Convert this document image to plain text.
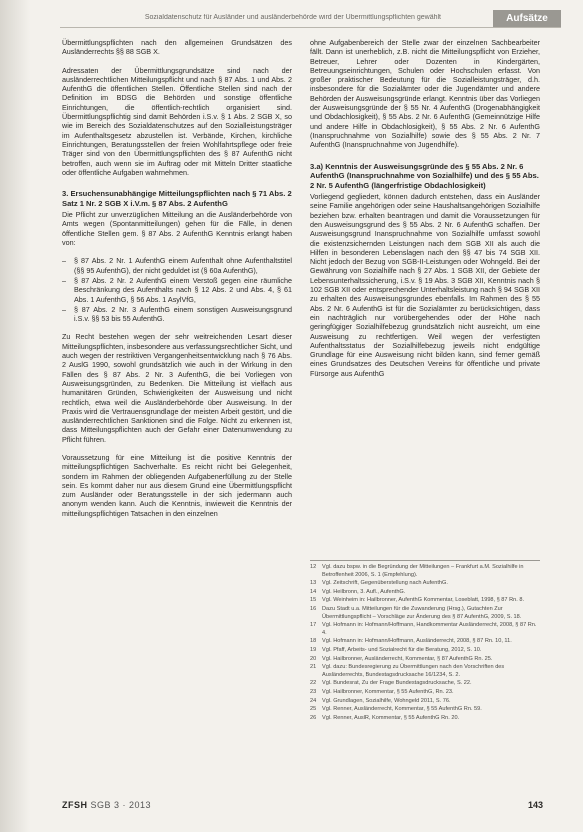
Sozialdatenschutz für Ausländer und ausländerbehörde wird der Übermittlungspflichten gewählt	Aufsätze

Übermittlungspflichten nach den allgemeinen Grundsätzen des Ausländerrechts §§ 88 SGB X.

Adressaten der Übermittlungsgrundsätze sind nach der ausländerrechtlichen Mitteilungspflicht und nach § 87 Abs. 1 und Abs. 2 AufenthG die öffentlichen Stellen. Öffentliche Stellen sind nach der Definition im BDSG die Behörden und sonstige öffentliche Einrichtungen, die öffentlich-rechtlich organisiert sind. Übermittlungspflichtig sind damit Behörden i.S.v. § 1 Abs. 2 SGB X, so wie im Bereich des Sozialdatenschutzes auf den Sozialleistungsträger im Aufenthaltsgesetz abzustellen ist. Verbände, Kirchen, kirchliche Einrichtungen, Beratungsstellen der freien Wohlfahrtspflege oder freie Träger sind von den Übermittlungspflichten des § 87 AufenthG nicht betroffen, auch wenn sie im Auftrag oder mit Mitteln Dritter staatliche oder öffentliche Aufgaben wahrnehmen.

3. Ersuchensunabhängige Mitteilungspflichten nach § 71 Abs. 2 Satz 1 Nr. 2 SGB X i.V.m. § 87 Abs. 2 AufenthG

Die Pflicht zur unverzüglichen Mitteilung an die Ausländerbehörde von Amts wegen (Spontanmitteilungen) gehen für die Fälle, in denen öffentliche Stellen gem. § 87 Abs. 2 AufenthG Kenntnis erlangt haben von:

– § 87 Abs. 2 Nr. 1 AufenthG einem Aufenthalt ohne Aufenthaltstitel (§§ 95 AufenthG), der nicht geduldet ist (§ 60a AufenthG),
– § 87 Abs. 2 Nr. 2 AufenthG einem Verstoß gegen eine räumliche Beschränkung des Aufenthalts nach § 12 Abs. 2 und Abs. 4, § 61 Abs. 1 AufenthG, § 56 Abs. 1 AsylVfG,
– § 87 Abs. 2 Nr. 3 AufenthG einem sonstigen Ausweisungsgrund i.S.v. §§ 53 bis 55 AufenthG.

Zu Recht bestehen wegen der sehr weitreichenden Lesart dieser Mitteilungspflichten, insbesondere aus verfassungsrechtlicher Sicht, und auch wegen der restriktiven Vergangenheitsentwicklung nach § 76 Abs. 2 AuslG 1990, sowohl grundsätzlich wie auch in der Wirkung in den Fällen des § 87 Abs. 2 Nr. 3 AufenthG, die bei Vorliegen von Ausweisungsgründen, zu Bedenken. Die Mitteilung ist vielfach aus humanitären Gründen, Schwierigkeiten der Ausweisung und nicht rechtlich, etwa weil die Ausländerbehörde über Ausweisung. In der Praxis wird die Vertrauensgrundlage der meisten Arbeit gestört, und die ausländerrechtlichen Sanktionen sind die Folge. Nicht zu erkennen ist, dass Mitteilungspflichten auch der Gefahr einer Datenumwendung zu Pflicht führen.

Voraussetzung für eine Mitteilung ist die positive Kenntnis der mitteilungspflichtigen Sachverhalte. Es reicht nicht bei Gelegenheit, sondern im Rahmen der obliegenden Aufgabenerfüllung zu der Stelle sein. Es kommt daher nur aus diesem Grund eine Übermittlungspflicht zum Ausländer oder Beratungsstelle in der sich jedermann auch anonym wenden kann. Auch die Kenntnis, inwieweit die Kenntnis der mitteilungspflichtigen Tatsachen in den einzelnen

ohne Aufgabenbereich der Stelle zwar der einzelnen Sachbearbeiter fällt. Dann ist unerheblich, z.B. nicht die Mitteilungspflicht von Erzieher, Betreuer, Lehrer oder Dozenten in Kindergärten, Betreuungseinrichtungen, Schulen oder Hochschulen erfasst. Von großer praktischer Bedeutung für die Sozialleistungsträger, d.h. insbesondere für die Sozialämter oder die Jugendämter und andere Behörden der Ausweisungsgründe erlangt. Kenntnis über das Vorliegen der Ausweisungsgründe der § 55 Nr. 4 AufenthG (Drogenabhängigkeit und Obdachlosigkeit), § 55 Abs. 2 Nr. 6 AufenthG (Gemeinnützige Hilfe und andere Hilfe in Obdachlosigkeit), § 55 Abs. 2 Nr. 6 AufenthG (Inanspruchnahme von Sozialhilfe) sowie des § 55 Abs. 2 Nr. 7 AufenthG (Inanspruchnahme von Jugendhilfe).

3.a) Kenntnis der Ausweisungsgründe des § 55 Abs. 2 Nr. 6 AufenthG (Inanspruchnahme von Sozialhilfe) und des § 55 Abs. 2 Nr. 5 AufenthG (längerfristige Obdachlosigkeit)

Vorliegend gegliedert, können dadurch entstehen, dass ein Ausländer seine Familie angehörigen oder seine Haushaltsangehörigen Sozialhilfe beziehen bzw. erhalten beantragen und damit die Voraussetzungen für den Ausweisungsgrund des § 55 Abs. 2 Nr. 6 AufenthG schaffen. Der Ausweisungsgrund Inanspruchnahme von Sozialhilfe umfasst sowohl die existenzsichernden Leistungen nach dem SGB XII als auch die Hilfen in besonderen Lebenslagen nach den §§ 47 bis 74 SGB XII. Nicht jedoch der Bezug von SGB-II-Leistungen oder Wohngeld. Bei der Gewährung von Sozialhilfe nach § 27 Abs. 1 SGB XII, der Gebiete der Lebensunterhaltssicherung, i.S.v. § 19 Abs. 3 SGB XII, Kenntnis nach § 102 SGB XII oder entsprechender Unterhaltsleistung nach § 94 SGB XII zu erhalten des Ausweisungsgrundes ebenfalls. Im Rahmen des § 55 Abs. 2 Nr. 6 AufenthG ist für die Sozialämter zu berücksichtigen, dass ein nachträglich nur vorübergehendes oder der Höhe nach geringfügiger Sozialhilfebezug grundsätzlich nicht ausreicht, um eine Ausweisung zu rechtfertigen. Weil wegen der verfestigten Aufenthaltsstatus der Sozialhilfebezug jeweils nicht endgültige Grundlage für eine Ausweisung nicht bilden kann, sind ferner gemäß eines Grundsatzes des Deutschen Vereins für öffentliche und private Fürsorge aus AufenthG

12	Vgl. dazu bspw. in die Begründung der Mitteilungen – Frankfurt a.M. Sozialhilfe in Betroffenheit 2006, S. 1 (Empfehlung).
13	Vgl. Zeitschrift, Gegenüberstellung nach AufenthG.
14	Vgl. Heilbronn, 3. Aufl., AufenthG.
15	Vgl. Weinheim in: Hailbronner, AufenthG Kommentar, Loseblatt, 1998, § 87 Rn. 8.
16	Dazu Stadt u.a. Mitteilungen für die Zuwanderung (Hrsg.), Gutachten Zur Übermittlungspflicht – Vorschläge zur Änderung des § 87 AufenthG, 2009, S. 18.
17	Vgl. Hofmann in: Hofmann/Hoffmann, Handkommentar Ausländerrecht, 2008, § 87 Rn. 4.
18	Vgl. Hofmann in: Hofmann/Hoffmann, Ausländerrecht, 2008, § 87 Rn. 10, 11.
19	Vgl. Pfaff, Arbeits- und Sozialrecht für die Beratung, 2012, S. 10.
20	Vgl. Hailbronner, Ausländerrecht, Kommentar, § 87 AufenthG Rn. 25.
21	Vgl. dazu: Bundesregierung zu Übermittlungen nach den Vorschriften des Ausländerrechts, Bundestagsdrucksache 16/1234, S. 2.
22	Vgl. Bundesrat, Zu der Frage Bundestagsdrucksache, S. 22.
23	Vgl. Hailbronner, Kommentar, § 55 AufenthG, Rn. 23.
24	Vgl. Grundlagen, Sozialhilfe, Wohngeld 2011, S. 76.
25	Vgl. Renner, Ausländerrecht, Kommentar, § 55 AufenthG Rn. 59.
26	Vgl. Renner, AuslR, Kommentar, § 55 AufenthG Rn. 20.
ZFSH SGB 3 · 2013	143
